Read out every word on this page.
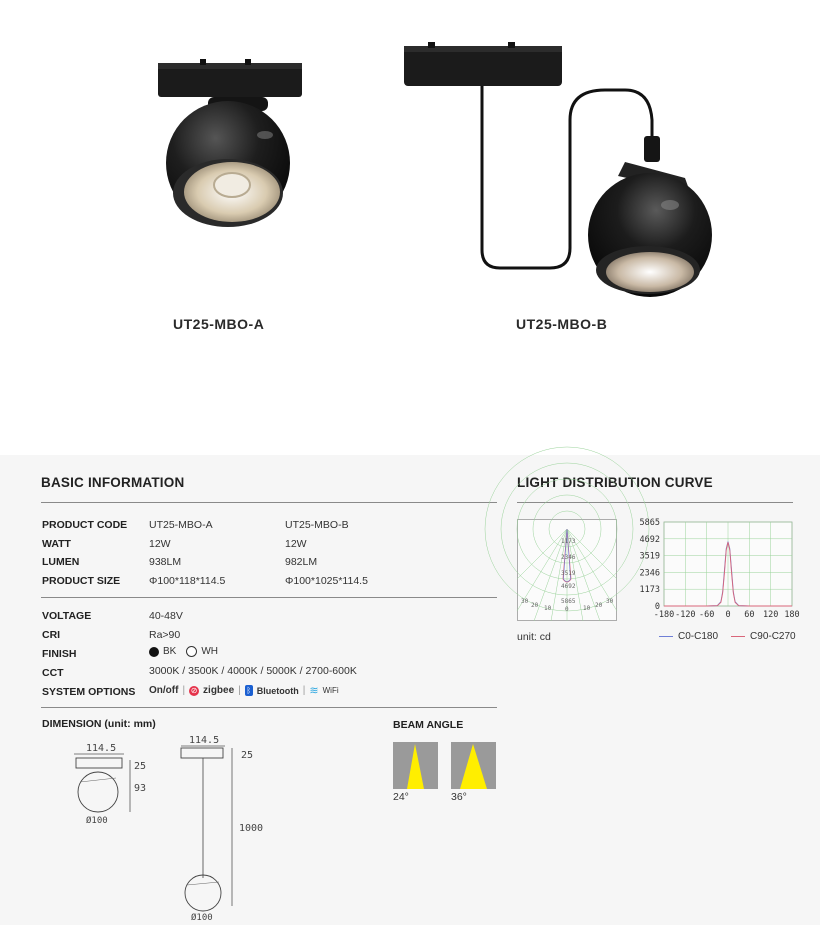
UT25-MBO-A	UT25-MBO-B
BASIC INFORMATION
PRODUCT CODE UT25-MBO-A	UT25-MBO-B
WATT	12W	12W
LUMEN	938LM	982LM
PRODUCT SIZE	Φ100*118*114.5	Φ100*1025*114.5
VOLTAGE	40-48V
CRI	Ra>90
FINISH	BK	WH
CCT	3000K / 3500K / 4000K / 5000K / 2700-600K
SYSTEM OPTIONS On/off | ⊘ zigbee | ᛒ Bluetooth | ≋ WiFi
DIMENSION (unit: mm)
114.5
25
93
Ø100
114.5
25
1000
Ø100
BEAM ANGLE
24°	36°
LIGHT DISTRIBUTION CURVE
1173
2346
3519
4692
5865
30
20 10 0 10 20
30
-180 -120 -60 0 60 120 180
0
1173
2346
3519
4692
5865
unit: cd	C0-C180	C90-C270
